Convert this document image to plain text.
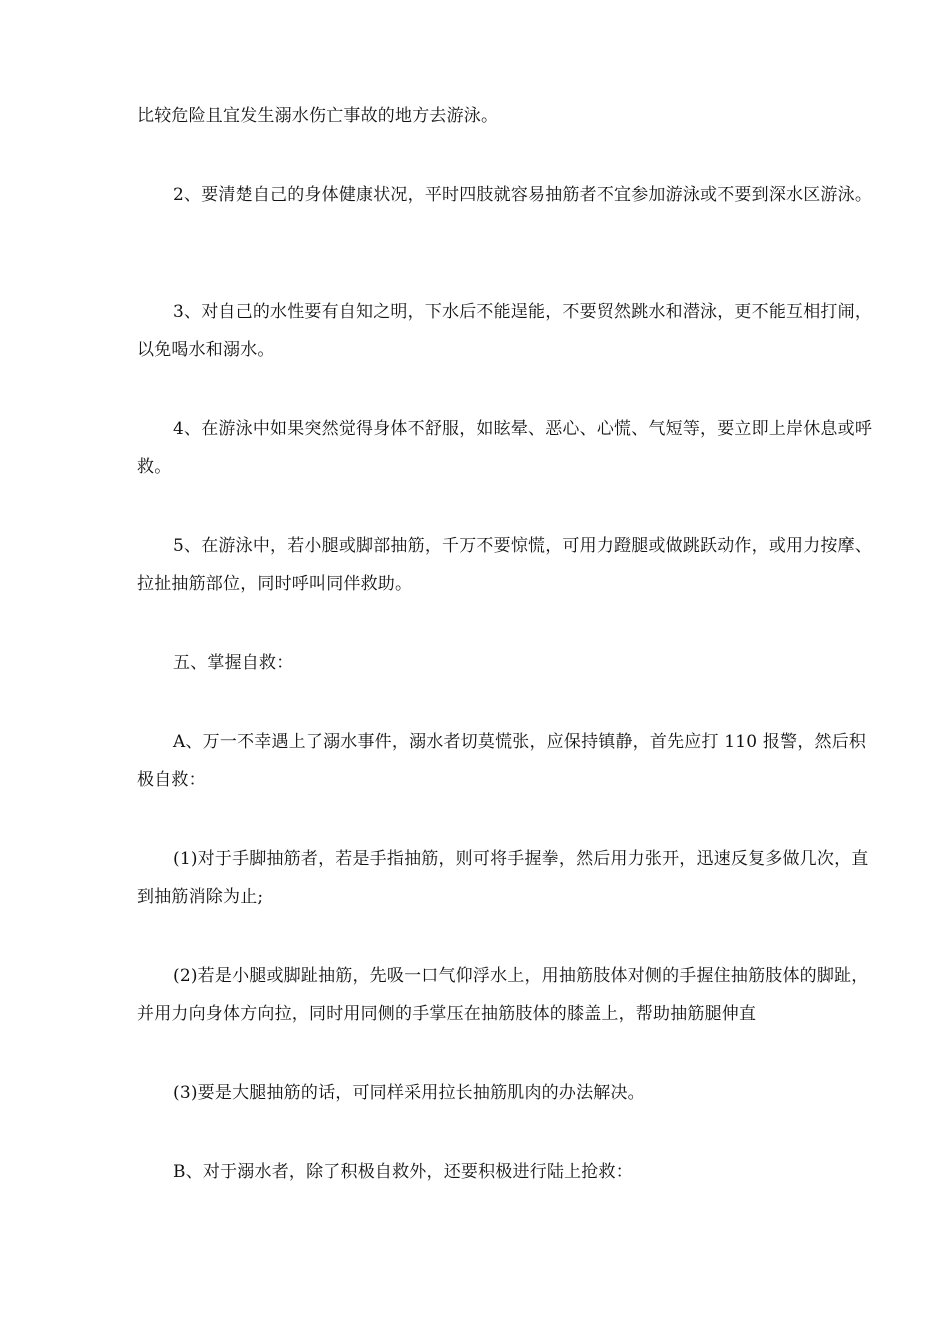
比较危险且宜发生溺水伤亡事故的地方去游泳。

2、要清楚自己的身体健康状况，平时四肢就容易抽筋者不宜参加游泳或不要到深水区游泳。

3、对自己的水性要有自知之明，下水后不能逞能，不要贸然跳水和潜泳，更不能互相打闹，以免喝水和溺水。

4、在游泳中如果突然觉得身体不舒服，如眩晕、恶心、心慌、气短等，要立即上岸休息或呼救。

5、在游泳中，若小腿或脚部抽筋，千万不要惊慌，可用力蹬腿或做跳跃动作，或用力按摩、拉扯抽筋部位，同时呼叫同伴救助。

五、掌握自救：

A、万一不幸遇上了溺水事件，溺水者切莫慌张，应保持镇静，首先应打 110 报警，然后积极自救：

(1)对于手脚抽筋者，若是手指抽筋，则可将手握拳，然后用力张开，迅速反复多做几次，直到抽筋消除为止;

(2)若是小腿或脚趾抽筋，先吸一口气仰浮水上，用抽筋肢体对侧的手握住抽筋肢体的脚趾，并用力向身体方向拉，同时用同侧的手掌压在抽筋肢体的膝盖上，帮助抽筋腿伸直

(3)要是大腿抽筋的话，可同样采用拉长抽筋肌肉的办法解决。

B、对于溺水者，除了积极自救外，还要积极进行陆上抢救：
